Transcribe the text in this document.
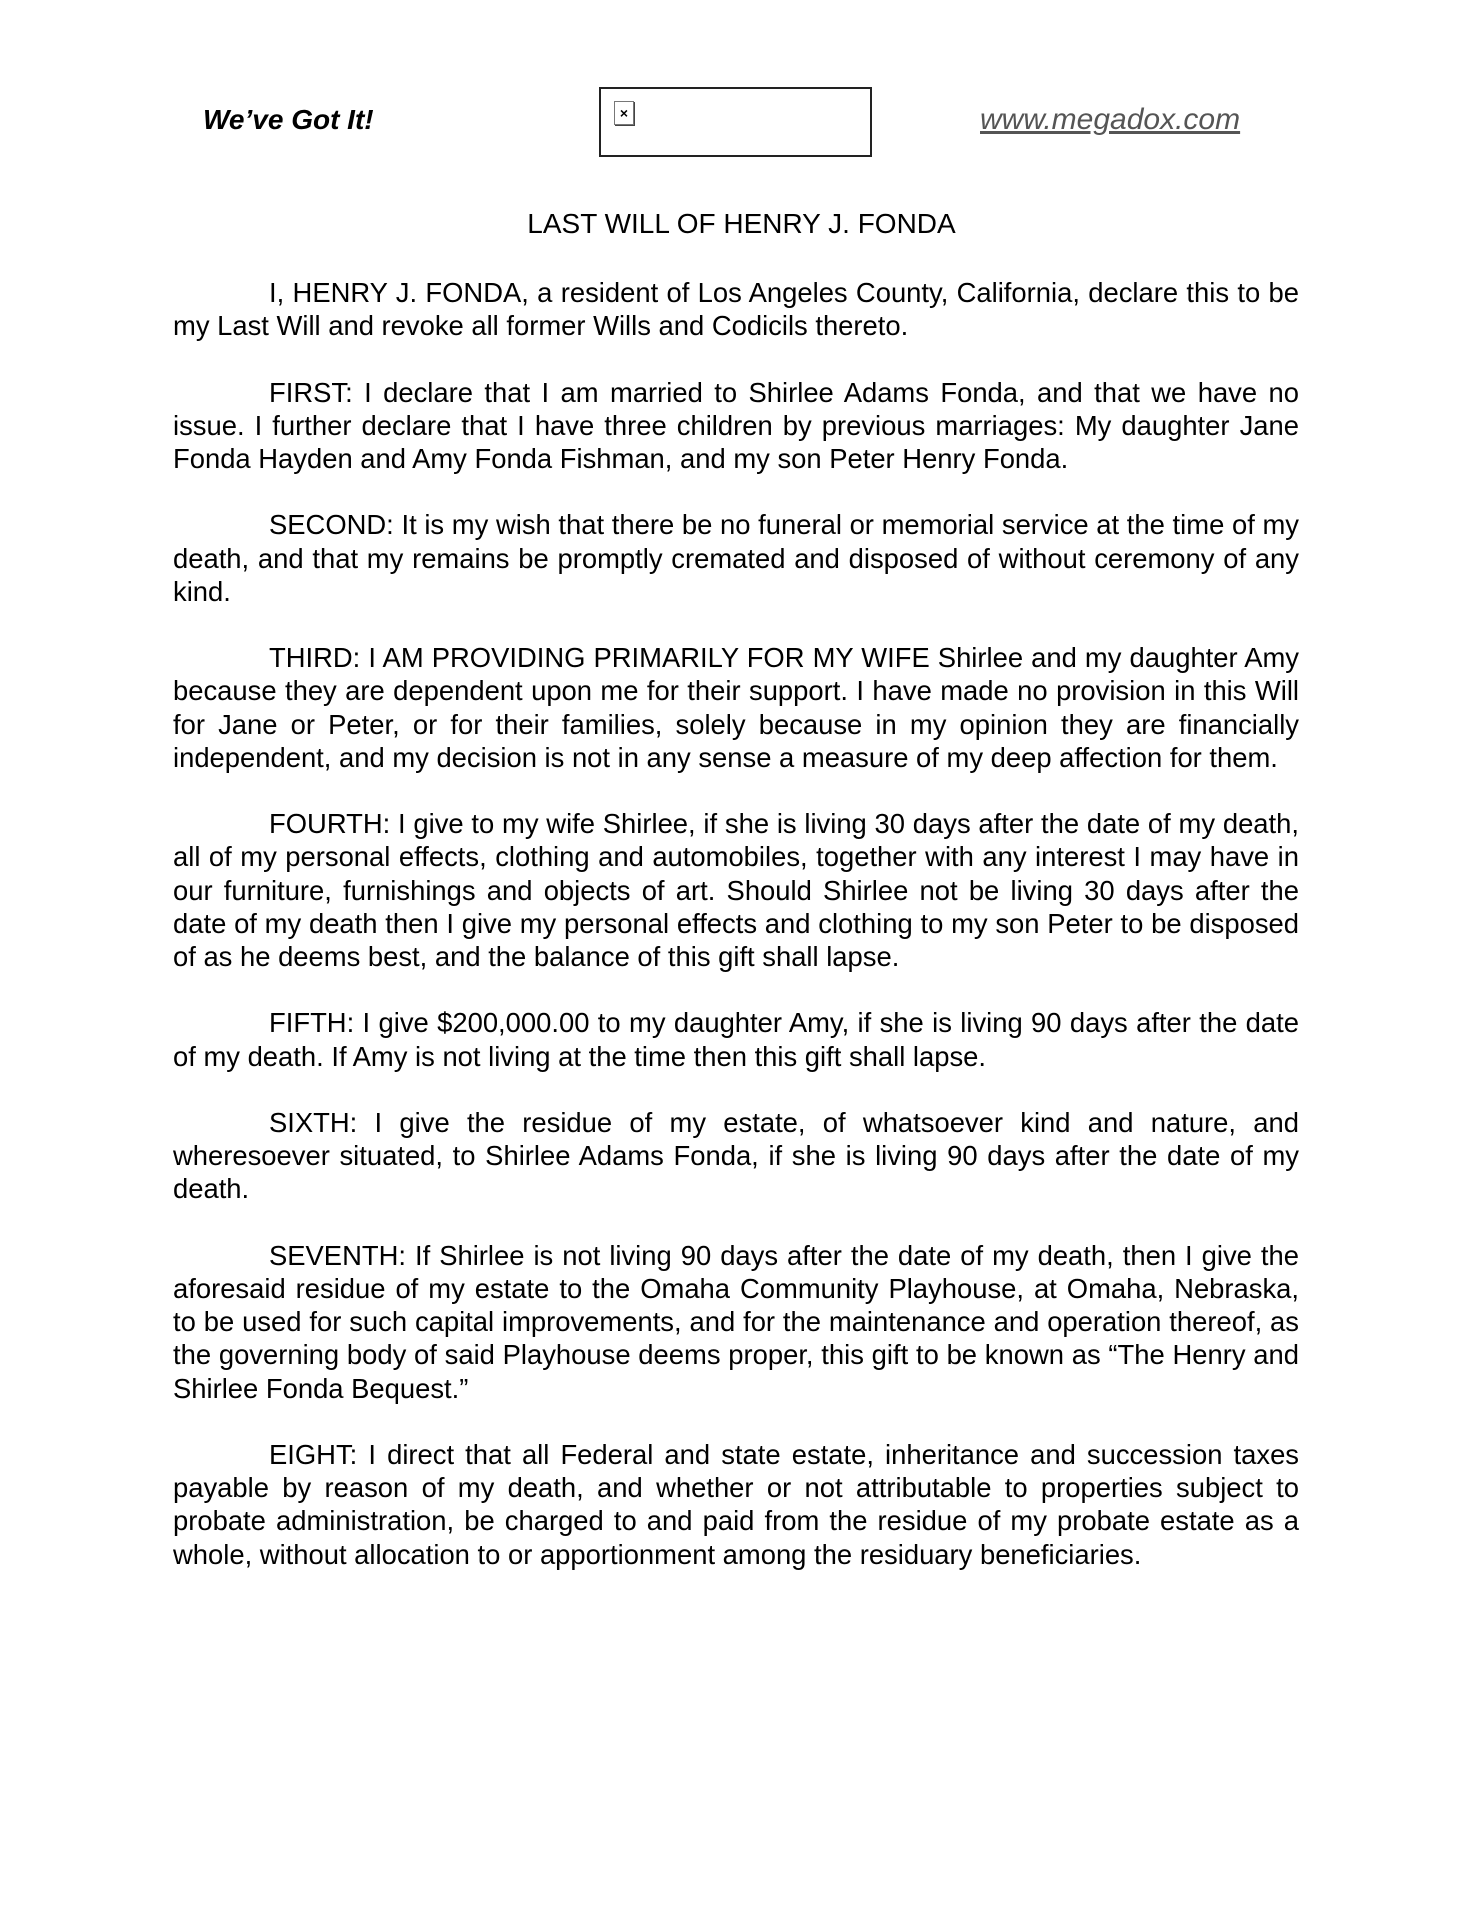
We’ve Got It!	×	www.megadox.com
LAST WILL OF HENRY J. FONDA

I, HENRY J. FONDA, a resident of Los Angeles County, California, declare this to be my Last Will and revoke all former Wills and Codicils thereto.

FIRST: I declare that I am married to Shirlee Adams Fonda, and that we have no issue. I further declare that I have three children by previous marriages: My daughter Jane Fonda Hayden and Amy Fonda Fishman, and my son Peter Henry Fonda.

SECOND: It is my wish that there be no funeral or memorial service at the time of my death, and that my remains be promptly cremated and disposed of without ceremony of any kind.

THIRD: I AM PROVIDING PRIMARILY FOR MY WIFE Shirlee and my daughter Amy because they are dependent upon me for their support. I have made no provision in this Will for Jane or Peter, or for their families, solely because in my opinion they are financially independent, and my decision is not in any sense a measure of my deep affection for them.

FOURTH: I give to my wife Shirlee, if she is living 30 days after the date of my death, all of my personal effects, clothing and automobiles, together with any interest I may have in our furniture, furnishings and objects of art. Should Shirlee not be living 30 days after the date of my death then I give my personal effects and clothing to my son Peter to be disposed of as he deems best, and the balance of this gift shall lapse.

FIFTH: I give $200,000.00 to my daughter Amy, if she is living 90 days after the date of my death. If Amy is not living at the time then this gift shall lapse.

SIXTH: I give the residue of my estate, of whatsoever kind and nature, and wheresoever situated, to Shirlee Adams Fonda, if she is living 90 days after the date of my death.

SEVENTH: If Shirlee is not living 90 days after the date of my death, then I give the aforesaid residue of my estate to the Omaha Community Playhouse, at Omaha, Nebraska, to be used for such capital improvements, and for the maintenance and operation thereof, as the governing body of said Playhouse deems proper, this gift to be known as “The Henry and Shirlee Fonda Bequest.”

EIGHT: I direct that all Federal and state estate, inheritance and succession taxes payable by reason of my death, and whether or not attributable to properties subject to probate administration, be charged to and paid from the residue of my probate estate as a whole, without allocation to or apportionment among the residuary beneficiaries.
